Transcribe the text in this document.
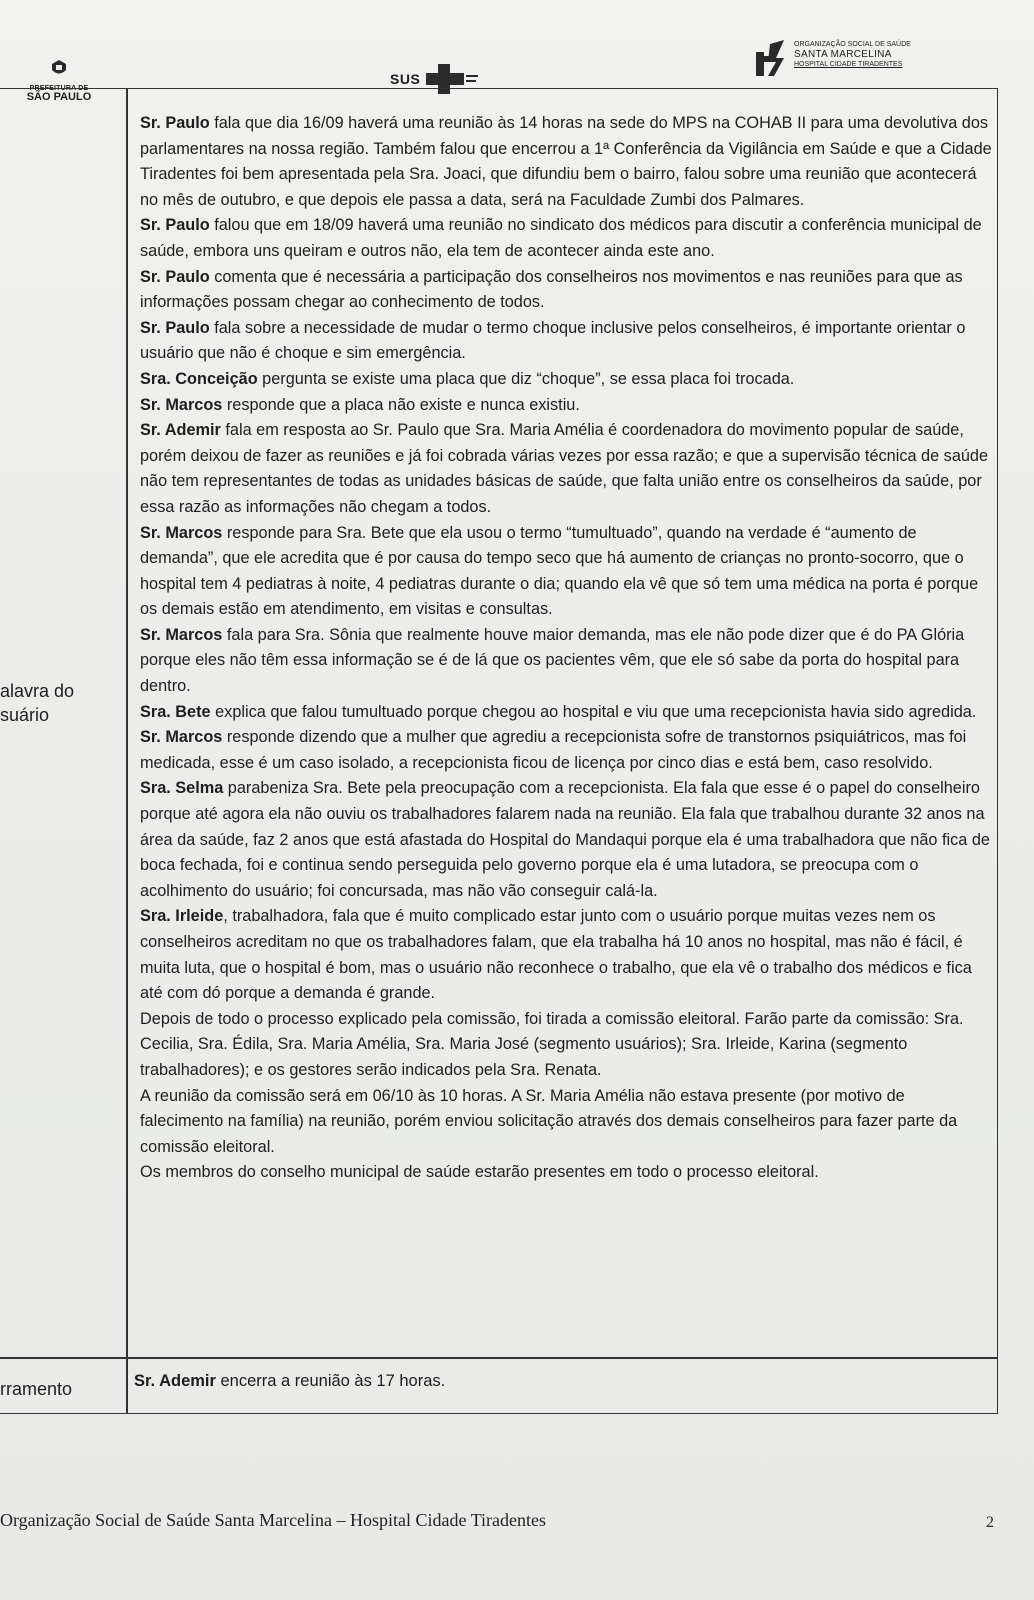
PREFEITURA DE
SÃO PAULO
SUS
ORGANIZAÇÃO SOCIAL DE SAÚDE
SANTA MARCELINA
HOSPITAL CIDADE TIRADENTES
alavra do
suário
rramento

Sr. Paulo fala que dia 16/09 haverá uma reunião às 14 horas na sede do MPS na COHAB II para uma devolutiva dos parlamentares na nossa região. Também falou que encerrou a 1ª Conferência da Vigilância em Saúde e que a Cidade Tiradentes foi bem apresentada pela Sra. Joaci, que difundiu bem o bairro, falou sobre uma reunião que acontecerá no mês de outubro, e que depois ele passa a data, será na Faculdade Zumbi dos Palmares.

Sr. Paulo falou que em 18/09 haverá uma reunião no sindicato dos médicos para discutir a conferência municipal de saúde, embora uns queiram e outros não, ela tem de acontecer ainda este ano.

Sr. Paulo comenta que é necessária a participação dos conselheiros nos movimentos e nas reuniões para que as informações possam chegar ao conhecimento de todos.

Sr. Paulo fala sobre a necessidade de mudar o termo choque inclusive pelos conselheiros, é importante orientar o usuário que não é choque e sim emergência.

Sra. Conceição pergunta se existe uma placa que diz “choque”, se essa placa foi trocada.

Sr. Marcos responde que a placa não existe e nunca existiu.

Sr. Ademir fala em resposta ao Sr. Paulo que Sra. Maria Amélia é coordenadora do movimento popular de saúde, porém deixou de fazer as reuniões e já foi cobrada várias vezes por essa razão; e que a supervisão técnica de saúde não tem representantes de todas as unidades básicas de saúde, que falta união entre os conselheiros da saúde, por essa razão as informações não chegam a todos.

Sr. Marcos responde para Sra. Bete que ela usou o termo “tumultuado”, quando na verdade é “aumento de demanda”, que ele acredita que é por causa do tempo seco que há aumento de crianças no pronto-socorro, que o hospital tem 4 pediatras à noite, 4 pediatras durante o dia; quando ela vê que só tem uma médica na porta é porque os demais estão em atendimento, em visitas e consultas.

Sr. Marcos fala para Sra. Sônia que realmente houve maior demanda, mas ele não pode dizer que é do PA Glória porque eles não têm essa informação se é de lá que os pacientes vêm, que ele só sabe da porta do hospital para dentro.

Sra. Bete explica que falou tumultuado porque chegou ao hospital e viu que uma recepcionista havia sido agredida.

Sr. Marcos responde dizendo que a mulher que agrediu a recepcionista sofre de transtornos psiquiátricos, mas foi medicada, esse é um caso isolado, a recepcionista ficou de licença por cinco dias e está bem, caso resolvido.

Sra. Selma parabeniza Sra. Bete pela preocupação com a recepcionista. Ela fala que esse é o papel do conselheiro porque até agora ela não ouviu os trabalhadores falarem nada na reunião. Ela fala que trabalhou durante 32 anos na área da saúde, faz 2 anos que está afastada do Hospital do Mandaqui porque ela é uma trabalhadora que não fica de boca fechada, foi e continua sendo perseguida pelo governo porque ela é uma lutadora, se preocupa com o acolhimento do usuário; foi concursada, mas não vão conseguir calá-la.

Sra. Irleide, trabalhadora, fala que é muito complicado estar junto com o usuário porque muitas vezes nem os conselheiros acreditam no que os trabalhadores falam, que ela trabalha há 10 anos no hospital, mas não é fácil, é muita luta, que o hospital é bom, mas o usuário não reconhece o trabalho, que ela vê o trabalho dos médicos e fica até com dó porque a demanda é grande.

Depois de todo o processo explicado pela comissão, foi tirada a comissão eleitoral. Farão parte da comissão: Sra. Cecilia, Sra. Édila, Sra. Maria Amélia, Sra. Maria José (segmento usuários); Sra. Irleide, Karina (segmento trabalhadores); e os gestores serão indicados pela Sra. Renata.

A reunião da comissão será em 06/10 às 10 horas. A Sr. Maria Amélia não estava presente (por motivo de falecimento na família) na reunião, porém enviou solicitação através dos demais conselheiros para fazer parte da comissão eleitoral.

Os membros do conselho municipal de saúde estarão presentes em todo o processo eleitoral.

Sr. Ademir encerra a reunião às 17 horas.
Organização Social de Saúde Santa Marcelina – Hospital Cidade Tiradentes	2
